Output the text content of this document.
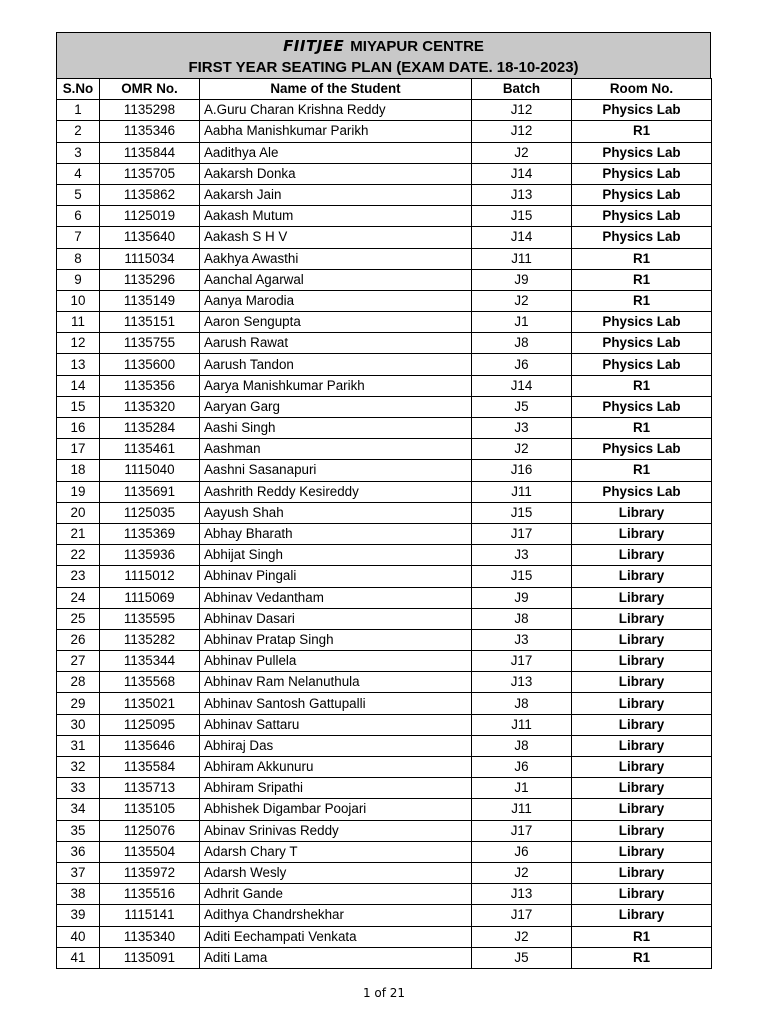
FIITJEE MIYAPUR CENTRE
FIRST YEAR SEATING PLAN (EXAM DATE. 18-10-2023)
S.No	OMR No.	Name of the Student	Batch	Room No.
1	1135298	A.Guru Charan Krishna Reddy	J12	Physics Lab
2	1135346	Aabha Manishkumar Parikh	J12	R1
3	1135844	Aadithya Ale	J2	Physics Lab
4	1135705	Aakarsh Donka	J14	Physics Lab
5	1135862	Aakarsh Jain	J13	Physics Lab
6	1125019	Aakash Mutum	J15	Physics Lab
7	1135640	Aakash S H V	J14	Physics Lab
8	1115034	Aakhya Awasthi	J11	R1
9	1135296	Aanchal Agarwal	J9	R1
10	1135149	Aanya Marodia	J2	R1
11	1135151	Aaron Sengupta	J1	Physics Lab
12	1135755	Aarush Rawat	J8	Physics Lab
13	1135600	Aarush Tandon	J6	Physics Lab
14	1135356	Aarya Manishkumar Parikh	J14	R1
15	1135320	Aaryan Garg	J5	Physics Lab
16	1135284	Aashi Singh	J3	R1
17	1135461	Aashman	J2	Physics Lab
18	1115040	Aashni Sasanapuri	J16	R1
19	1135691	Aashrith Reddy Kesireddy	J11	Physics Lab
20	1125035	Aayush Shah	J15	Library
21	1135369	Abhay Bharath	J17	Library
22	1135936	Abhijat Singh	J3	Library
23	1115012	Abhinav Pingali	J15	Library
24	1115069	Abhinav Vedantham	J9	Library
25	1135595	Abhinav Dasari	J8	Library
26	1135282	Abhinav Pratap Singh	J3	Library
27	1135344	Abhinav Pullela	J17	Library
28	1135568	Abhinav Ram Nelanuthula	J13	Library
29	1135021	Abhinav Santosh Gattupalli	J8	Library
30	1125095	Abhinav Sattaru	J11	Library
31	1135646	Abhiraj Das	J8	Library
32	1135584	Abhiram Akkunuru	J6	Library
33	1135713	Abhiram Sripathi	J1	Library
34	1135105	Abhishek Digambar Poojari	J11	Library
35	1125076	Abinav Srinivas Reddy	J17	Library
36	1135504	Adarsh Chary T	J6	Library
37	1135972	Adarsh Wesly	J2	Library
38	1135516	Adhrit Gande	J13	Library
39	1115141	Adithya Chandrshekhar	J17	Library
40	1135340	Aditi Eechampati Venkata	J2	R1
41	1135091	Aditi Lama	J5	R1
1 of 21
